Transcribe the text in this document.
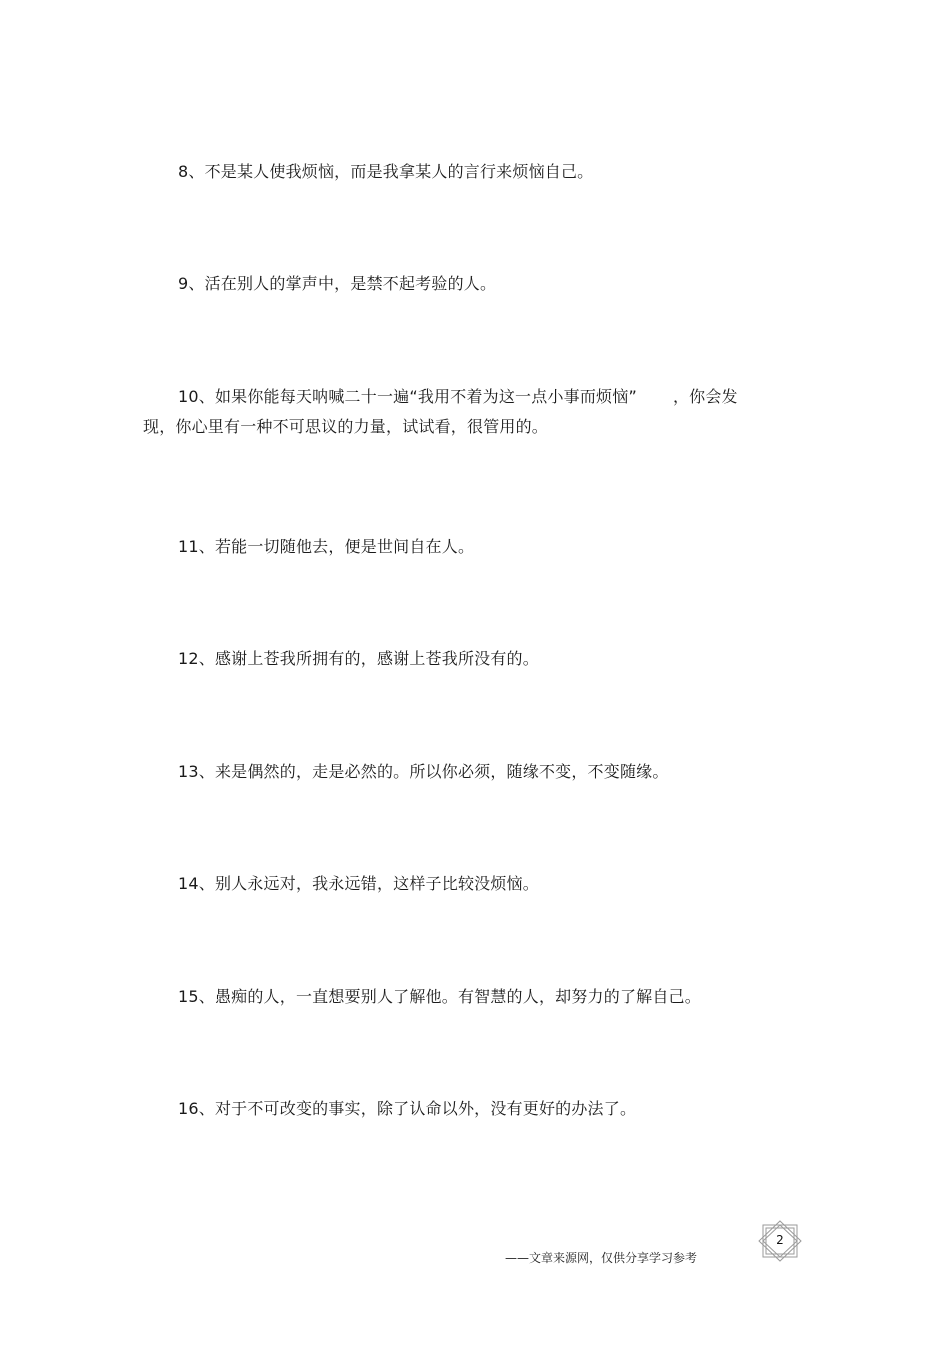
8、不是某人使我烦恼，而是我拿某人的言行来烦恼自己。

9、活在别人的掌声中，是禁不起考验的人。

10、如果你能每天呐喊二十一遍“我用不着为这一点小事而烦恼” ，你会发
现，你心里有一种不可思议的力量，试试看，很管用的。

11、若能一切随他去，便是世间自在人。

12、感谢上苍我所拥有的，感谢上苍我所没有的。

13、来是偶然的，走是必然的。所以你必须，随缘不变，不变随缘。

14、别人永远对，我永远错，这样子比较没烦恼。

15、愚痴的人，一直想要别人了解他。有智慧的人，却努力的了解自己。

16、对于不可改变的事实，除了认命以外，没有更好的办法了。

——文章来源网，仅供分享学习参考
2
